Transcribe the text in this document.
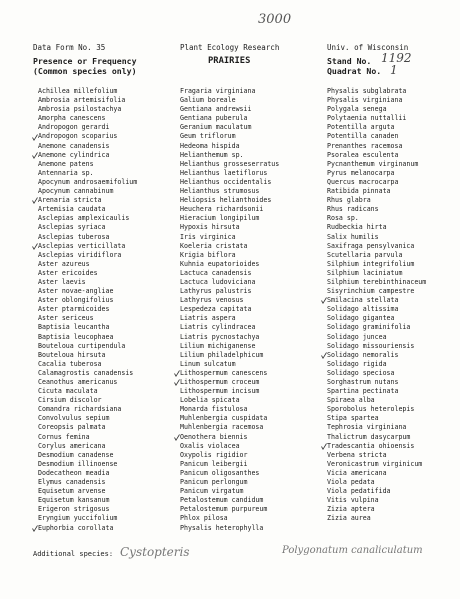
3000
Data Form No. 35	Plant Ecology Research	Univ. of Wisconsin
Presence or Frequency
(Common species only)
PRAIRIES	Stand No. 1192
Quadrat No. 1
Achillea millefolium
Ambrosia artemisifolia
Ambrosia psilostachya
Amorpha canescens
Andropogon gerardi
Andropogon scoparius
Anemone canadensis
Anemone cylindrica
Anemone patens
Antennaria sp.
Apocynum androsaemifolium
Apocynum cannabinum
Arenaria stricta
Artemisia caudata
Asclepias amplexicaulis
Asclepias syriaca
Asclepias tuberosa
Asclepias verticillata
Asclepias viridiflora
Aster azureus
Aster ericoides
Aster laevis
Aster novae-angliae
Aster oblongifolius
Aster ptarmicoides
Aster sericeus
Baptisia leucantha
Baptisia leucophaea
Bouteloua curtipendula
Bouteloua hirsuta
Cacalia tuberosa
Calamagrostis canadensis
Ceanothus americanus
Cicuta maculata
Cirsium discolor
Comandra richardsiana
Convolvulus sepium
Coreopsis palmata
Cornus femina
Corylus americana
Desmodium canadense
Desmodium illinoense
Dodecatheon meadia
Elymus canadensis
Equisetum arvense
Equisetum kansanum
Erigeron strigosus
Eryngium yuccifolium
Euphorbia corollata
Fragaria virginiana
Galium boreale
Gentiana andrewsii
Gentiana puberula
Geranium maculatum
Geum triflorum
Hedeoma hispida
Helianthemum sp.
Helianthus grosseserratus
Helianthus laetiflorus
Helianthus occidentalis
Helianthus strumosus
Heliopsis helianthoides
Heuchera richardsonii
Hieracium longipilum
Hypoxis hirsuta
Iris virginica
Koeleria cristata
Krigia biflora
Kuhnia eupatorioides
Lactuca canadensis
Lactuca ludoviciana
Lathyrus palustris
Lathyrus venosus
Lespedeza capitata
Liatris aspera
Liatris cylindracea
Liatris pycnostachya
Lilium michiganense
Lilium philadelphicum
Linum sulcatum
Lithospermum canescens
Lithospermum croceum
Lithospermum incisum
Lobelia spicata
Monarda fistulosa
Muhlenbergia cuspidata
Muhlenbergia racemosa
Oenothera biennis
Oxalis violacea
Oxypolis rigidior
Panicum leibergii
Panicum oligosanthes
Panicum perlongum
Panicum virgatum
Petalostemum candidum
Petalostemum purpureum
Phlox pilosa
Physalis heterophylla
Physalis subglabrata
Physalis virginiana
Polygala senega
Polytaenia nuttallii
Potentilla arguta
Potentilla canaden
Prenanthes racemosa
Psoralea esculenta
Pycnanthemum virginanum
Pyrus melanocarpa
Quercus macrocarpa
Ratibida pinnata
Rhus glabra
Rhus radicans
Rosa sp.
Rudbeckia hirta
Salix humilis
Saxifraga pensylvanica
Scutellaria parvula
Silphium integrifolium
Silphium laciniatum
Silphium terebinthinaceum
Sisyrinchium campestre
Smilacina stellata
Solidago altissima
Solidago gigantea
Solidago graminifolia
Solidago juncea
Solidago missouriensis
Solidago nemoralis
Solidago rigida
Solidago speciosa
Sorghastrum nutans
Spartina pectinata
Spiraea alba
Sporobolus heterolepis
Stipa spartea
Tephrosia virginiana
Thalictrum dasycarpum
Tradescantia ohioensis
Verbena stricta
Veronicastrum virginicum
Vicia americana
Viola pedata
Viola pedatifida
Vitis vulpina
Zizia aptera
Zizia aurea
Additional species: Cystopteris	Polygonatum canaliculatum
